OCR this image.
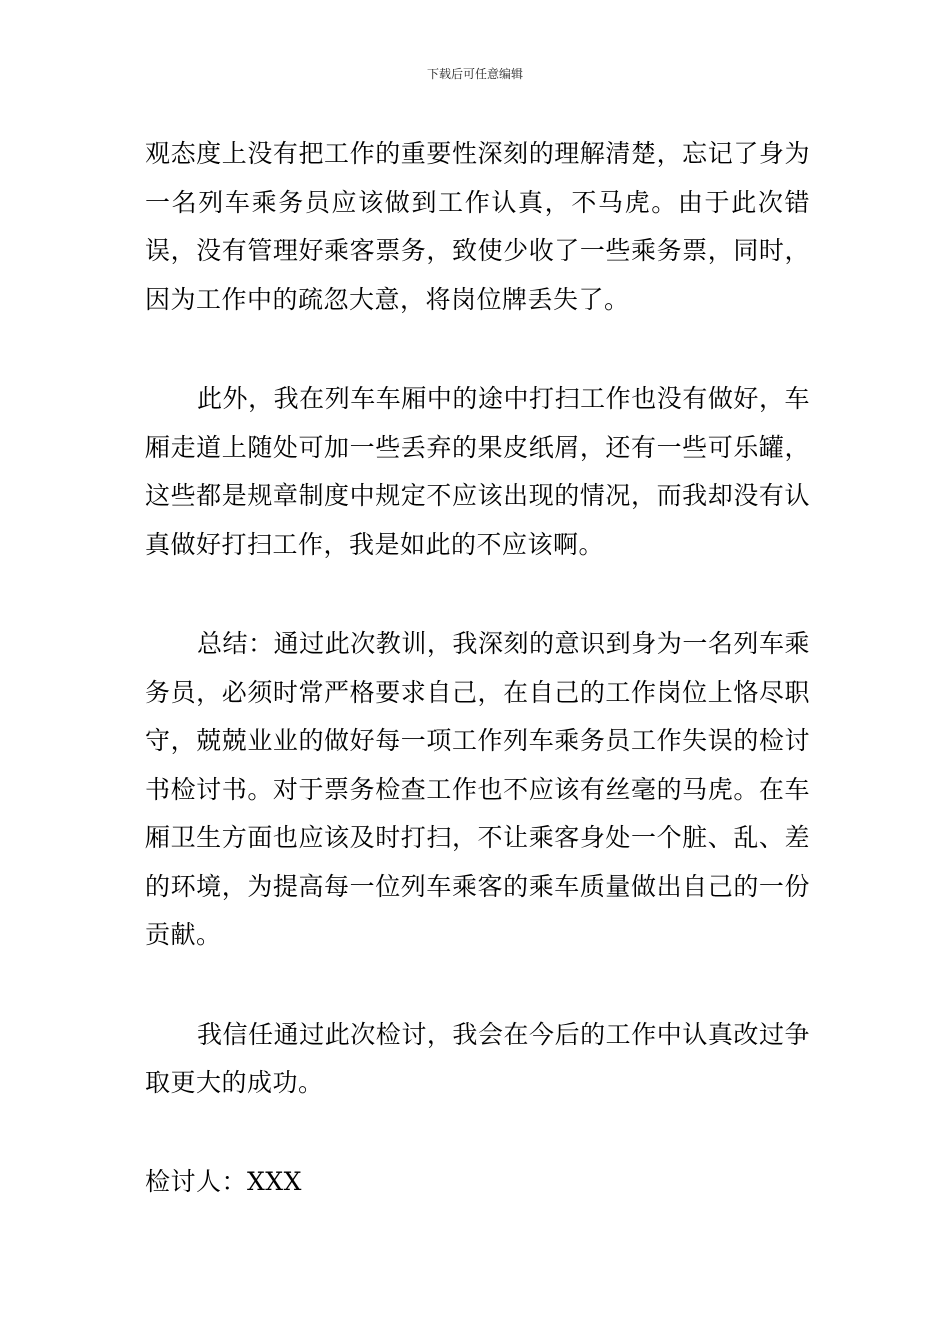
下载后可任意编辑

观态度上没有把工作的重要性深刻的理解清楚，忘记了身为一名列车乘务员应该做到工作认真，不马虎。由于此次错误，没有管理好乘客票务，致使少收了一些乘务票，同时，因为工作中的疏忽大意，将岗位牌丢失了。

此外，我在列车车厢中的途中打扫工作也没有做好，车厢走道上随处可加一些丢弃的果皮纸屑，还有一些可乐罐，这些都是规章制度中规定不应该出现的情况，而我却没有认真做好打扫工作，我是如此的不应该啊。

总结：通过此次教训，我深刻的意识到身为一名列车乘务员，必须时常严格要求自己，在自己的工作岗位上恪尽职守，兢兢业业的做好每一项工作列车乘务员工作失误的检讨书检讨书。对于票务检查工作也不应该有丝毫的马虎。在车厢卫生方面也应该及时打扫，不让乘客身处一个脏、乱、差的环境，为提高每一位列车乘客的乘车质量做出自己的一份贡献。

我信任通过此次检讨，我会在今后的工作中认真改过争取更大的成功。

检讨人：XXX
